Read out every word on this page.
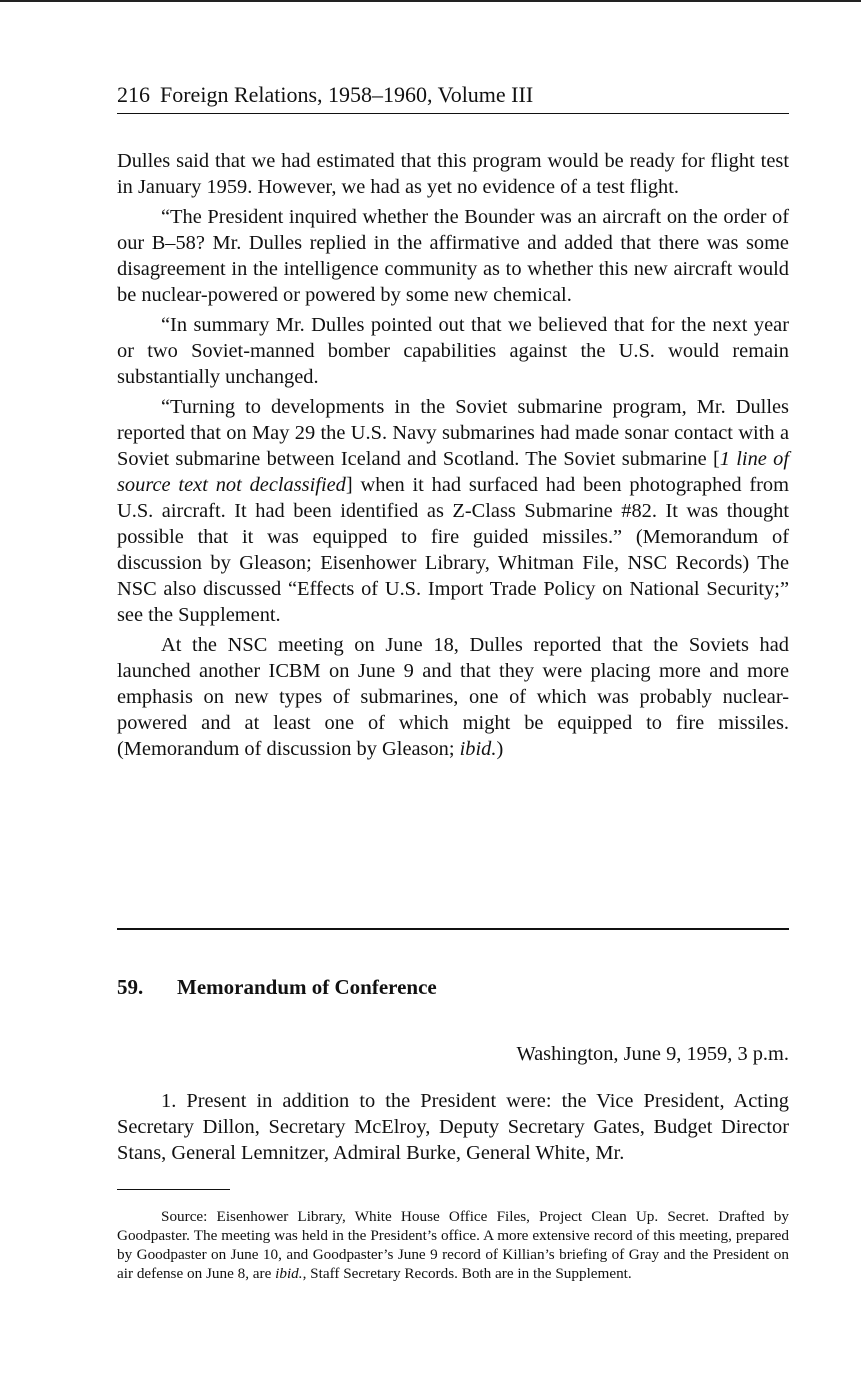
216 Foreign Relations, 1958–1960, Volume III

Dulles said that we had estimated that this program would be ready for flight test in January 1959. However, we had as yet no evidence of a test flight.

“The President inquired whether the Bounder was an aircraft on the order of our B–58? Mr. Dulles replied in the affirmative and added that there was some disagreement in the intelligence community as to whether this new aircraft would be nuclear-powered or powered by some new chemical.

“In summary Mr. Dulles pointed out that we believed that for the next year or two Soviet-manned bomber capabilities against the U.S. would remain substantially unchanged.

“Turning to developments in the Soviet submarine program, Mr. Dulles reported that on May 29 the U.S. Navy submarines had made sonar contact with a Soviet submarine between Iceland and Scotland. The Soviet submarine [1 line of source text not declassified] when it had surfaced had been photographed from U.S. aircraft. It had been identified as Z-Class Submarine #82. It was thought possible that it was equipped to fire guided missiles.” (Memorandum of discussion by Gleason; Eisenhower Library, Whitman File, NSC Records) The NSC also discussed “Effects of U.S. Import Trade Policy on National Security;” see the Supplement.

At the NSC meeting on June 18, Dulles reported that the Soviets had launched another ICBM on June 9 and that they were placing more and more emphasis on new types of submarines, one of which was probably nuclear-powered and at least one of which might be equipped to fire missiles. (Memorandum of discussion by Gleason; ibid.)

59. Memorandum of Conference
Washington, June 9, 1959, 3 p.m.

1. Present in addition to the President were: the Vice President, Acting Secretary Dillon, Secretary McElroy, Deputy Secretary Gates, Budget Director Stans, General Lemnitzer, Admiral Burke, General White, Mr.

Source: Eisenhower Library, White House Office Files, Project Clean Up. Secret. Drafted by Goodpaster. The meeting was held in the President’s office. A more extensive record of this meeting, prepared by Goodpaster on June 10, and Goodpaster’s June 9 record of Killian’s briefing of Gray and the President on air defense on June 8, are ibid., Staff Secretary Records. Both are in the Supplement.
